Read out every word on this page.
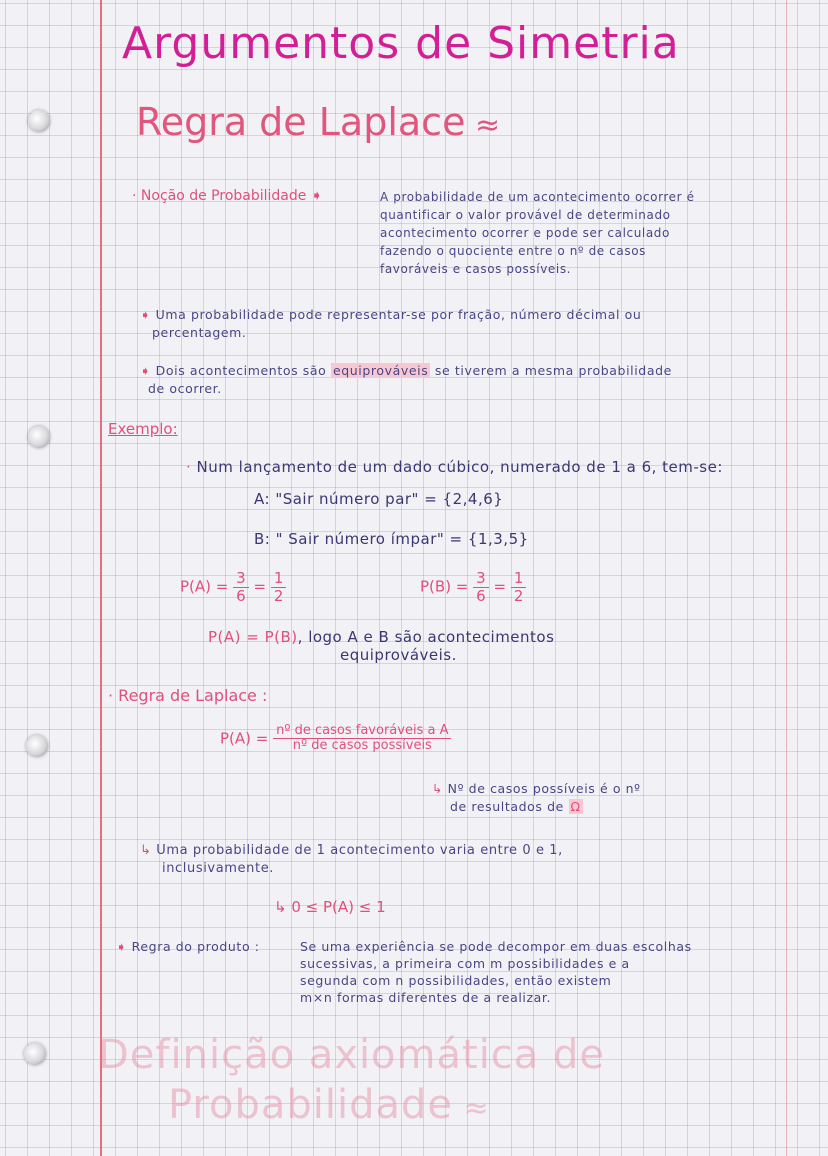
Argumentos de Simetria
Regra de Laplace ≈
· Noção de Probabilidade ➧	A probabilidade de um acontecimento ocorrer é
quantificar o valor provável de determinado
acontecimento ocorrer e pode ser calculado
fazendo o quociente entre o nº de casos
favoráveis e casos possíveis.
➧ Uma probabilidade pode representar-se por fração, número décimal ou
percentagem.
➧ Dois acontecimentos são equiprováveis se tiverem a mesma probabilidade
de ocorrer.
Exemplo:
· Num lançamento de um dado cúbico, numerado de 1 a 6, tem-se:
A: "Sair número par" = {2,4,6}
B: " Sair número ímpar" = {1,3,5}
$P(A) = \frac{3}{6} = \frac{1}{2}$	$P(B) = \frac{3}{6} = \frac{1}{2}$
P(A) = P(B), logo A e B são acontecimentos
equiprováveis.
· Regra de Laplace :
$P(A) = \frac{\text{nº de casos favoráveis a A}}{\text{nº de casos possíveis}}$
↳ Nº de casos possíveis é o nº
de resultados de Ω
↳ Uma probabilidade de 1 acontecimento varia entre 0 e 1,
inclusivamente.
↳ 0 ≤ P(A) ≤ 1
➧ Regra do produto :	Se uma experiência se pode decompor em duas escolhas
sucessivas, a primeira com m possibilidades e a
segunda com n possibilidades, então existem
m×n formas diferentes de a realizar.
Definição axiomática de
Probabilidade ≈
